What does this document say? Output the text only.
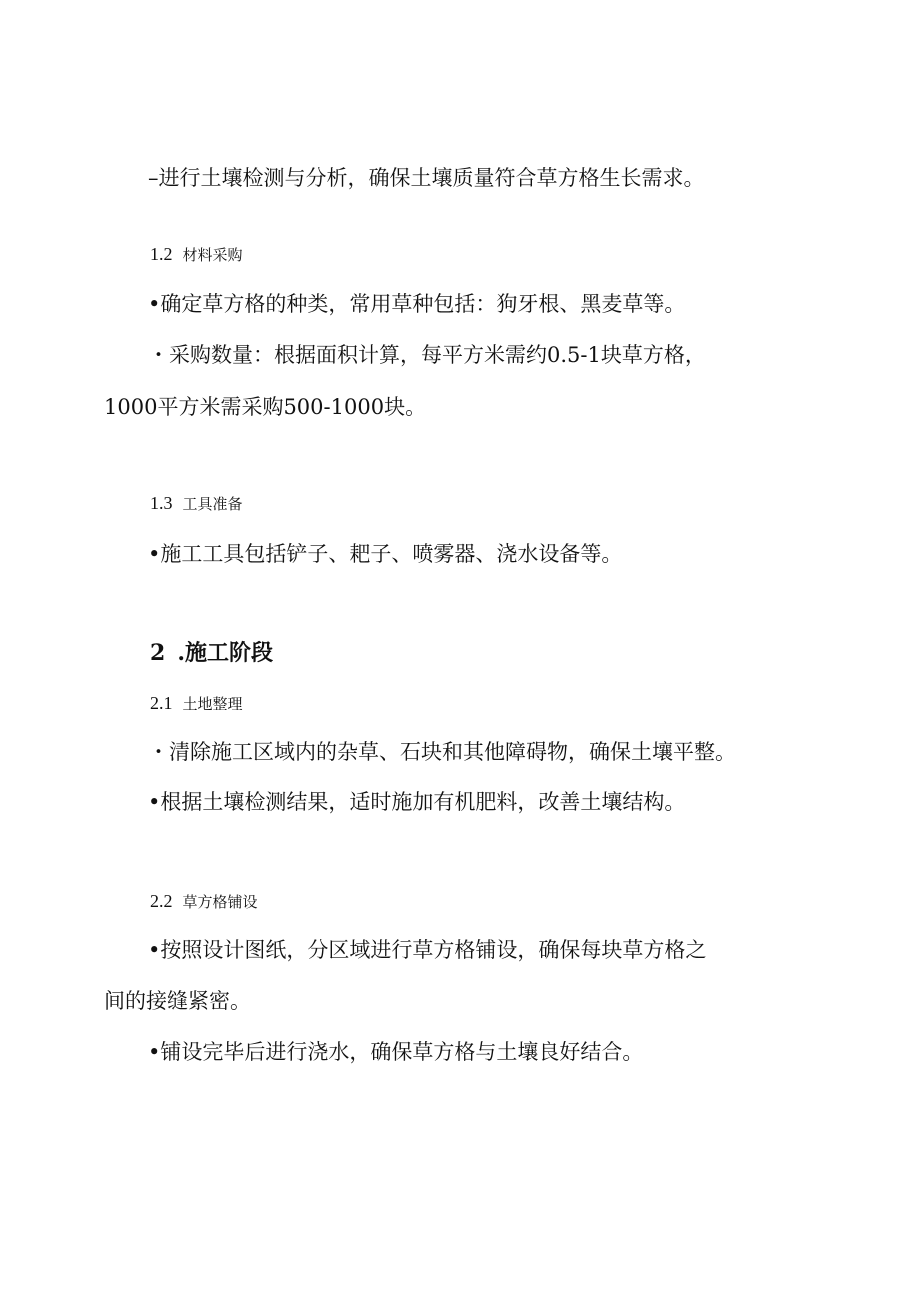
–进行土壤检测与分析，确保土壤质量符合草方格生长需求。
1.2 材料采购
•确定草方格的种类，常用草种包括：狗牙根、黑麦草等。
・采购数量：根据面积计算，每平方米需约0.5-1块草方格，
1000平方米需采购500-1000块。
1.3 工具准备
•施工工具包括铲子、耙子、喷雾器、浇水设备等。
2 .施工阶段
2.1 土地整理
・清除施工区域内的杂草、石块和其他障碍物，确保土壤平整。
•根据土壤检测结果，适时施加有机肥料，改善土壤结构。
2.2 草方格铺设
•按照设计图纸，分区域进行草方格铺设，确保每块草方格之
间的接缝紧密。
•铺设完毕后进行浇水，确保草方格与土壤良好结合。
